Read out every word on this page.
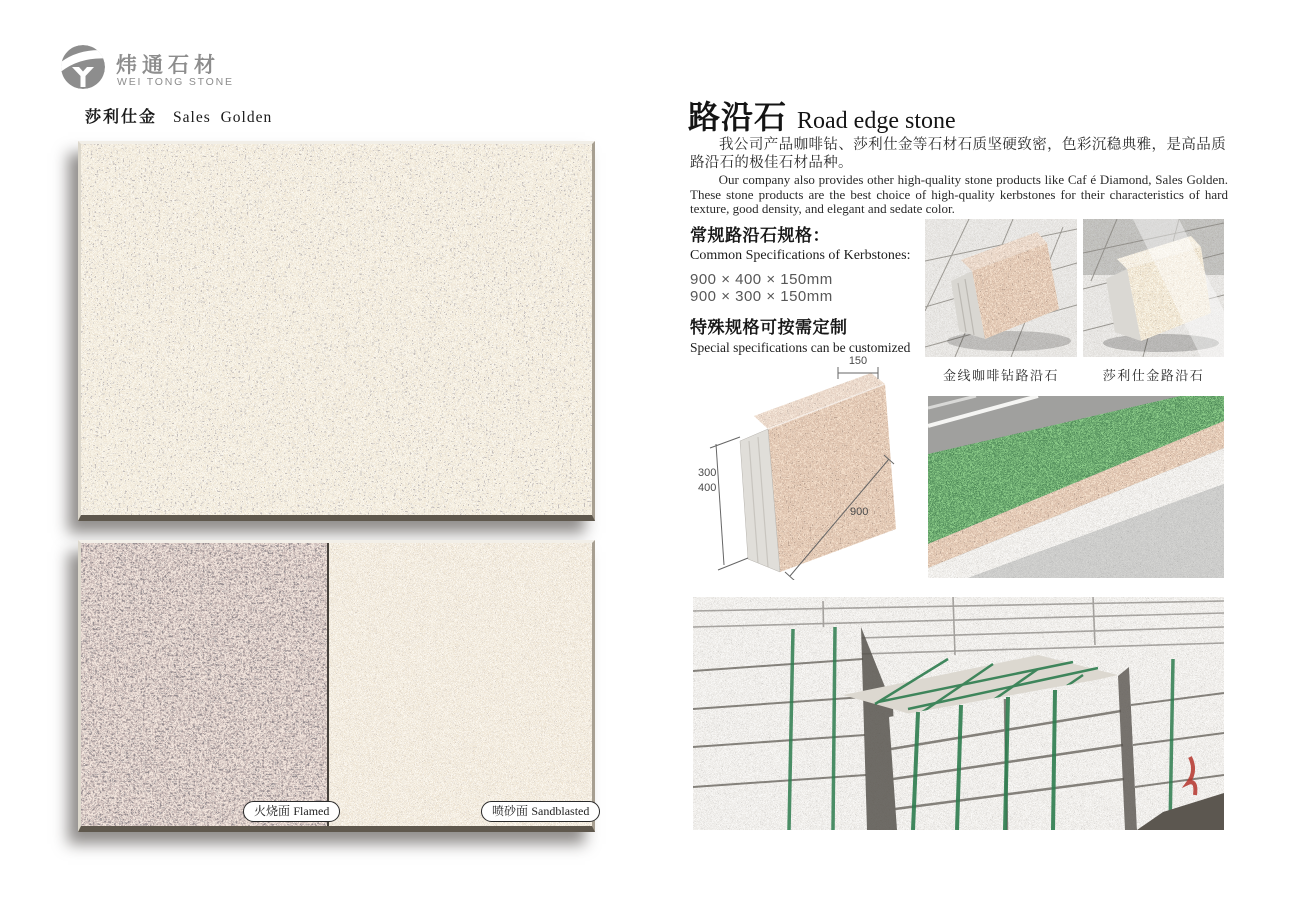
炜通石材
WEI TONG STONE
莎利仕金 Sales Golden
火烧面 Flamed	喷砂面 Sandblasted
路沿石 Road edge stone
我公司产品咖啡钻、莎利仕金等石材石质坚硬致密，色彩沉稳典雅，是高品质路沿石的极佳石材品种。
Our company also provides other high-quality stone products like Caf é Diamond, Sales Golden. These stone products are the best choice of high-quality kerbstones for their characteristics of hard texture, good density, and elegant and sedate color.
常规路沿石规格：
Common Specifications of Kerbstones:
900 × 400 × 150mm
900 × 300 × 150mm
特殊规格可按需定制
Special specifications can be customized
金线咖啡钻路沿石	莎利仕金路沿石
150
300
400
900
